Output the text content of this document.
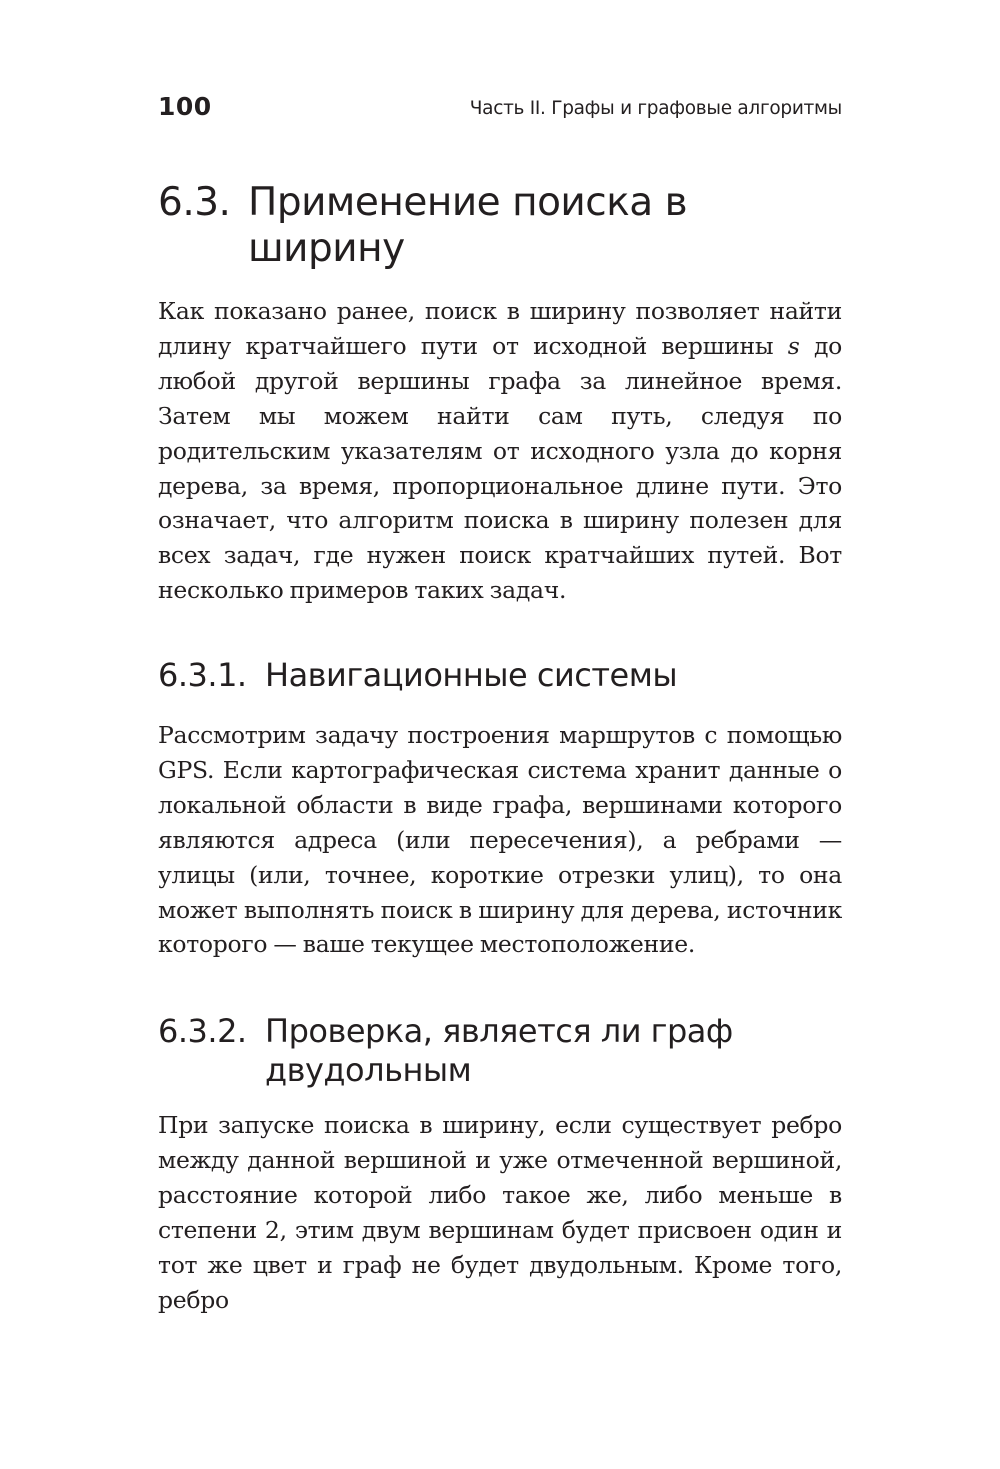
100	Часть II. Графы и графовые алгоритмы
6.3. Применение поиска в ширину

Как показано ранее, поиск в ширину позволяет найти длину кратчайшего пути от исходной вершины s до любой другой вершины графа за линейное время. Затем мы можем найти сам путь, следуя по родительским указателям от исходного узла до корня дерева, за время, пропорциональное длине пути. Это означает, что алгоритм поиска в ширину полезен для всех задач, где нужен поиск кратчайших путей. Вот несколько примеров таких задач.

6.3.1. Навигационные системы

Рассмотрим задачу построения маршрутов с помощью GPS. Если картографическая система хранит данные о локальной области в виде графа, вершинами которого являются адреса (или пересечения), а ребрами — улицы (или, точнее, короткие отрезки улиц), то она может выполнять поиск в ширину для дерева, источник которого — ваше текущее местоположение.

6.3.2. Проверка, является ли граф двудольным

При запуске поиска в ширину, если существует ребро между данной вершиной и уже отмеченной вершиной, расстояние которой либо такое же, либо меньше в степени 2, этим двум вершинам будет присвоен один и тот же цвет и граф не будет двудольным. Кроме того, ребро
